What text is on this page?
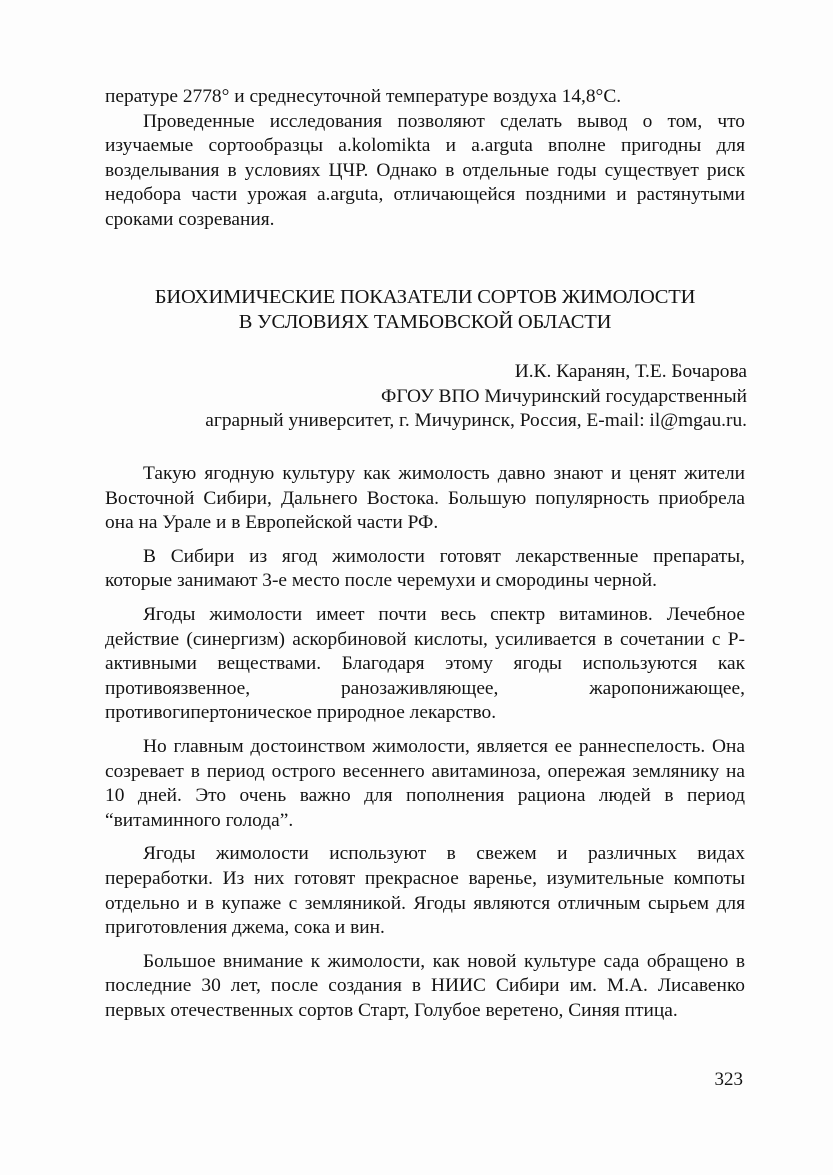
пературе 2778° и среднесуточной температуре воздуха 14,8°С.

Проведенные исследования позволяют сделать вывод о том, что изучаемые сортообразцы a.kolomikta и a.arguta вполне пригодны для возделывания в условиях ЦЧР. Однако в отдельные годы существует риск недобора части урожая a.arguta, отличающейся поздними и растянутыми сроками созревания.

БИОХИМИЧЕСКИЕ ПОКАЗАТЕЛИ СОРТОВ ЖИМОЛОСТИ
В УСЛОВИЯХ ТАМБОВСКОЙ ОБЛАСТИ
И.К. Каранян, Т.Е. Бочарова
ФГОУ ВПО Мичуринский государственный
аграрный университет, г. Мичуринск, Россия, E-mail: il@mgau.ru.

Такую ягодную культуру как жимолость давно знают и ценят жители Восточной Сибири, Дальнего Востока. Большую популярность приобрела она на Урале и в Европейской части РФ.

В Сибири из ягод жимолости готовят лекарственные препараты, которые занимают 3-е место после черемухи и смородины черной.

Ягоды жимолости имеет почти весь спектр витаминов. Лечебное действие (синергизм) аскорбиновой кислоты, усиливается в сочетании с Р-активными веществами. Благодаря этому ягоды используются как противоязвенное, ранозаживляющее, жаропонижающее, противогипертоническое природное лекарство.

Но главным достоинством жимолости, является ее раннеспелость. Она созревает в период острого весеннего авитаминоза, опережая землянику на 10 дней. Это очень важно для пополнения рациона людей в период “витаминного голода”.

Ягоды жимолости используют в свежем и различных видах переработки. Из них готовят прекрасное варенье, изумительные компоты отдельно и в купаже с земляникой. Ягоды являются отличным сырьем для приготовления джема, сока и вин.

Большое внимание к жимолости, как новой культуре сада обращено в последние 30 лет, после создания в НИИС Сибири им. М.А. Лисавенко первых отечественных сортов Старт, Голубое веретено, Синяя птица.

323
